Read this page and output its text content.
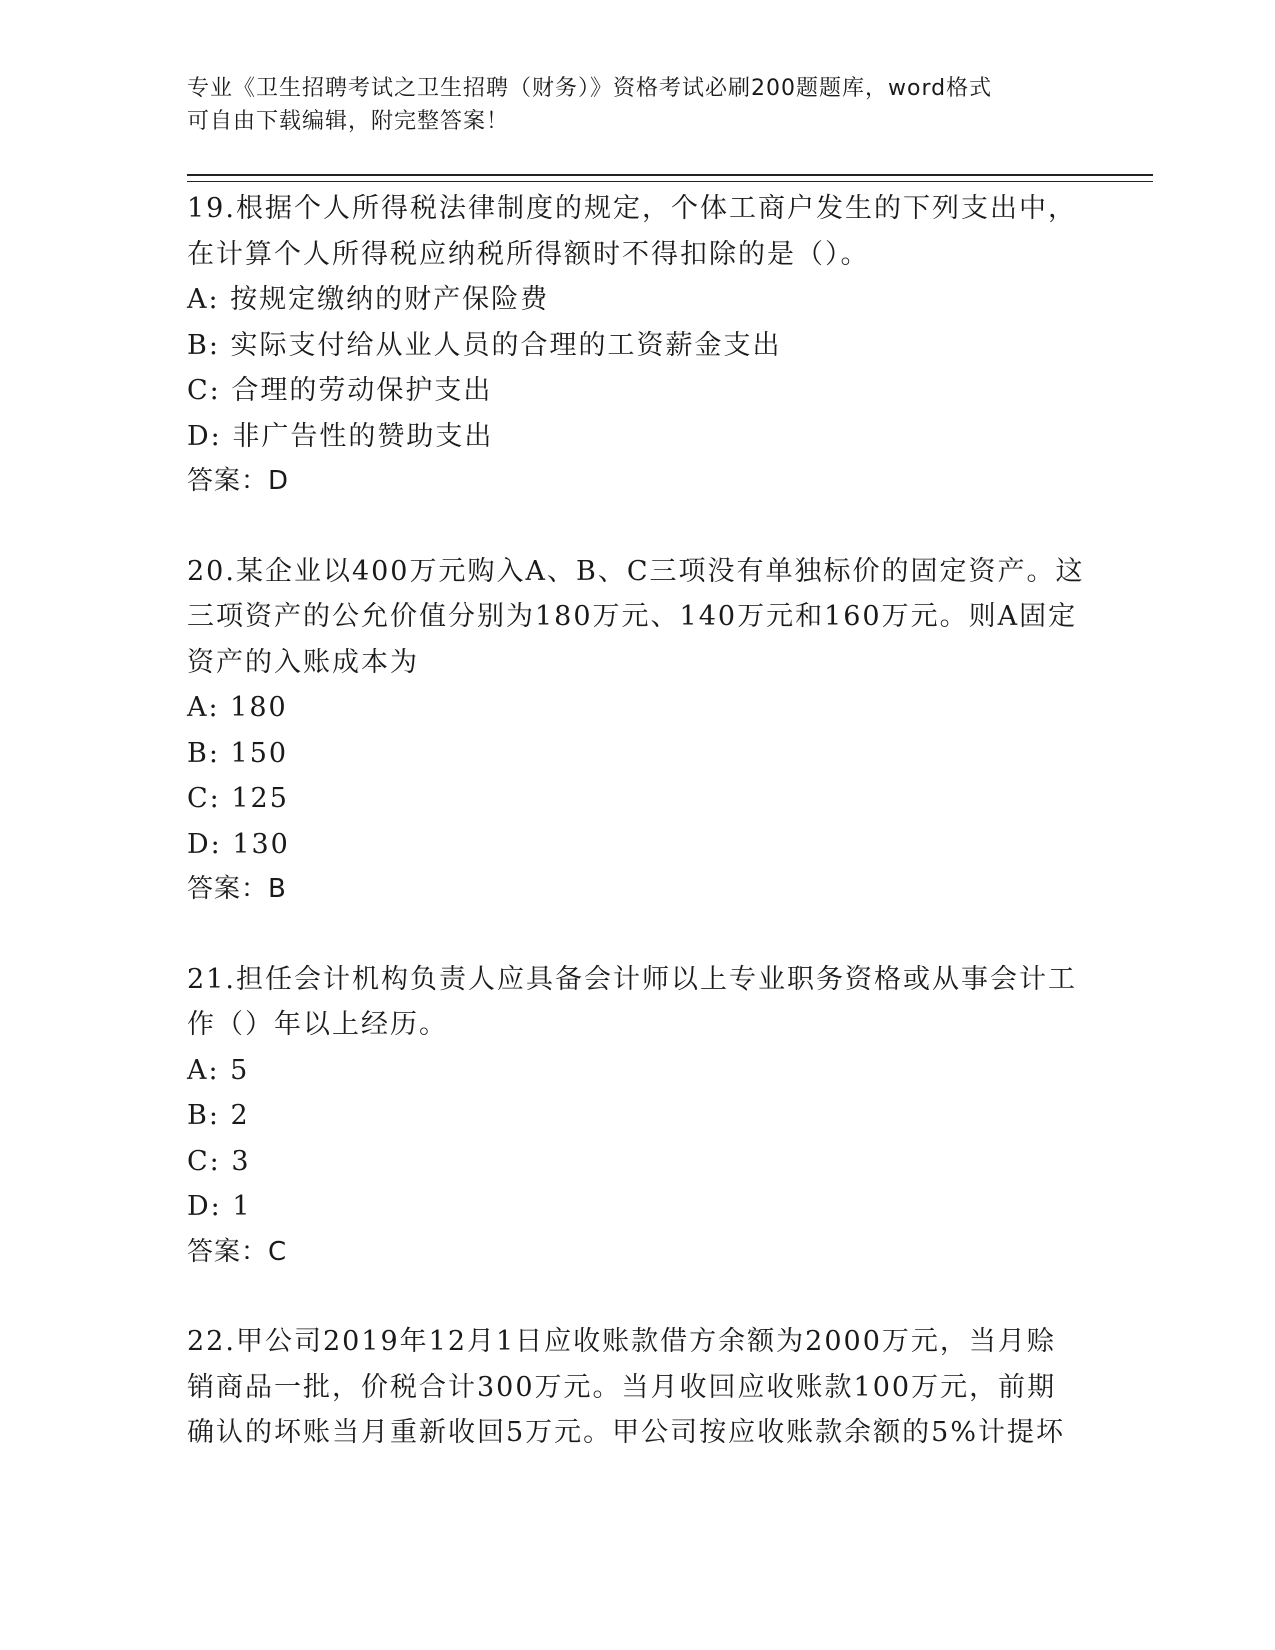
专业《卫生招聘考试之卫生招聘（财务）》资格考试必刷200题题库，word格式
可自由下载编辑，附完整答案！
19.根据个人所得税法律制度的规定，个体工商户发生的下列支出中，
在计算个人所得税应纳税所得额时不得扣除的是（）。
A: 按规定缴纳的财产保险费
B: 实际支付给从业人员的合理的工资薪金支出
C: 合理的劳动保护支出
D: 非广告性的赞助支出
答案：D
20.某企业以400万元购入A、B、C三项没有单独标价的固定资产。这
三项资产的公允价值分别为180万元、140万元和160万元。则A固定
资产的入账成本为
A: 180
B: 150
C: 125
D: 130
答案：B
21.担任会计机构负责人应具备会计师以上专业职务资格或从事会计工
作（）年以上经历。
A: 5
B: 2
C: 3
D: 1
答案：C
22.甲公司2019年12月1日应收账款借方余额为2000万元，当月赊
销商品一批，价税合计300万元。当月收回应收账款100万元，前期
确认的坏账当月重新收回5万元。甲公司按应收账款余额的5%计提坏
